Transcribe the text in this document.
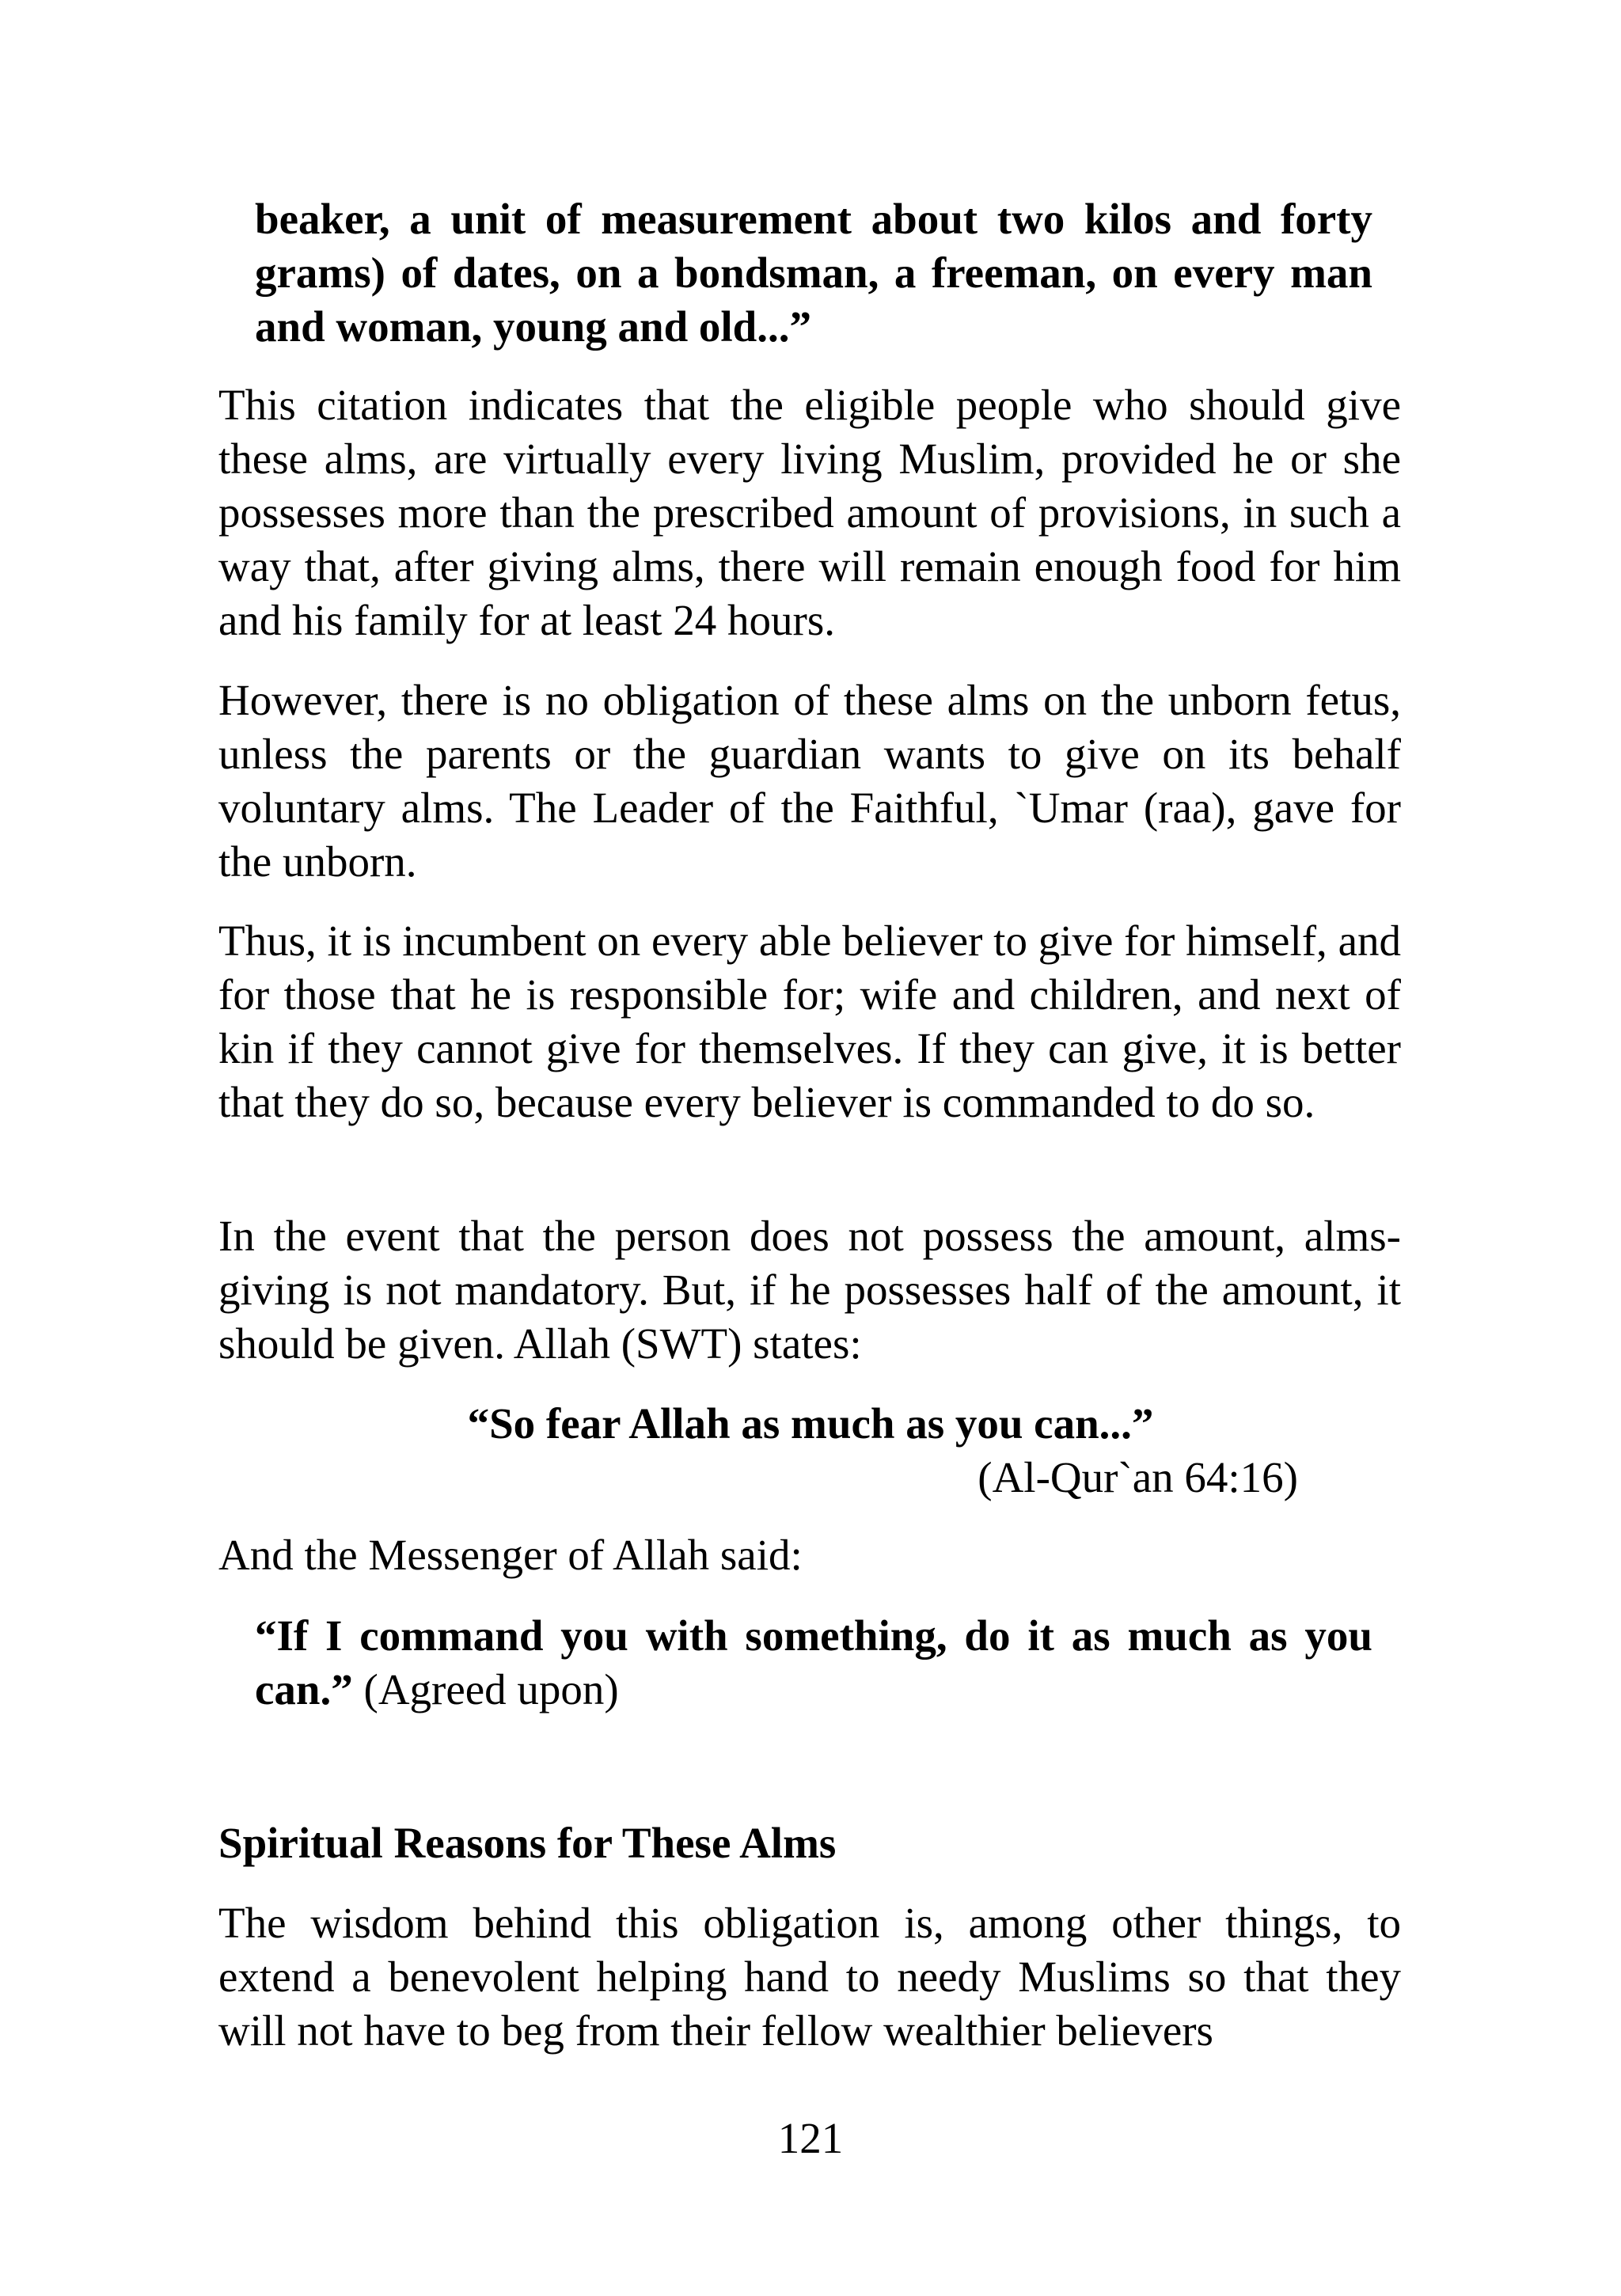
beaker, a unit of measurement about two kilos and forty grams) of dates, on a bondsman, a freeman, on every man and woman, young and old...”
This citation indicates that the eligible people who should give these alms, are virtually every living Muslim, provided he or she possesses more than the prescribed amount of provisions, in such a way that, after giving alms, there will remain enough food for him and his family for at least 24 hours.
However, there is no obligation of these alms on the unborn fetus, unless the parents or the guardian wants to give on its behalf voluntary alms. The Leader of the Faithful, `Umar (raa), gave for the unborn.
Thus, it is incumbent on every able believer to give for himself, and for those that he is responsible for; wife and children, and next of kin if they cannot give for themselves. If they can give, it is better that they do so, because every believer is commanded to do so.
In the event that the person does not possess the amount, almsgiving is not mandatory. But, if he possesses half of the amount, it should be given. Allah (SWT) states:
“So fear Allah as much as you can...”
(Al-Qur`an 64:16)
And the Messenger of Allah said:
“If I command you with something, do it as much as you can.” (Agreed upon)
Spiritual Reasons for These Alms
The wisdom behind this obligation is, among other things, to extend a benevolent helping hand to needy Muslims so that they will not have to beg from their fellow wealthier believers
121
